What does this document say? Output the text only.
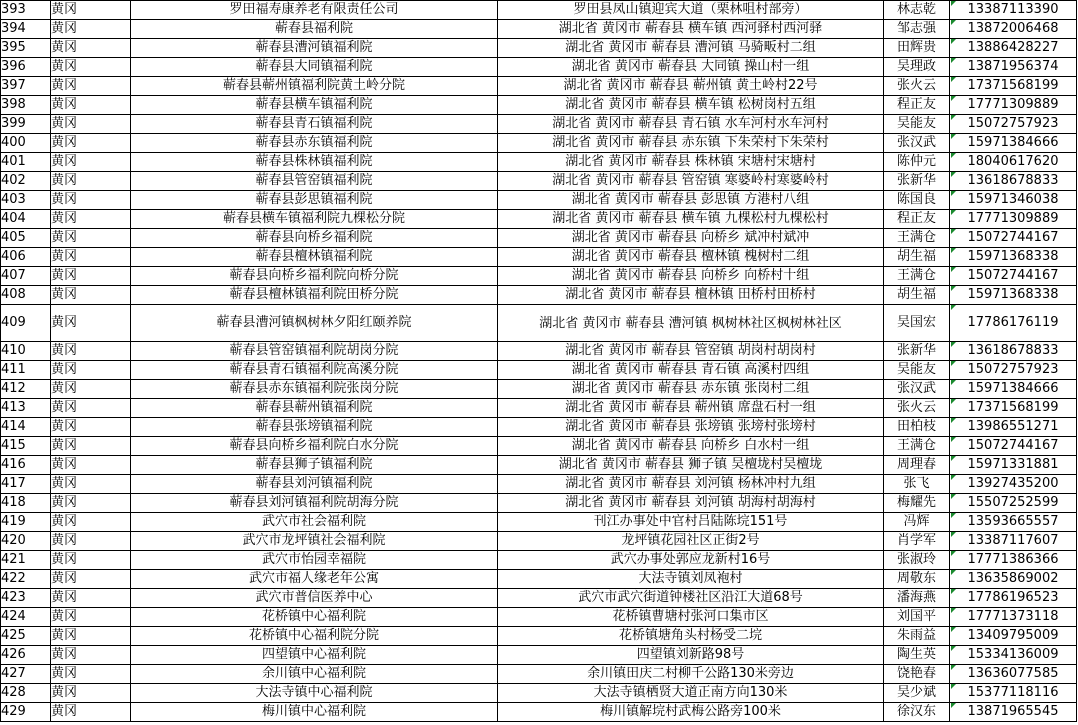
393	黄冈	罗田福寿康养老有限责任公司	罗田县凤山镇迎宾大道（栗林咀村部旁）	林志乾	13387113390
394	黄冈	蕲春县福利院	湖北省 黄冈市 蕲春县 横车镇 西河驿村西河驿	邹志强	13872006468
395	黄冈	蕲春县漕河镇福利院	湖北省 黄冈市 蕲春县 漕河镇 马骑畈村二组	田辉贵	13886428227
396	黄冈	蕲春县大同镇福利院	湖北省 黄冈市 蕲春县 大同镇 操山村一组	吴理政	13871956374
397	黄冈	蕲春县蕲州镇福利院黄土岭分院	湖北省 黄冈市 蕲春县 蕲州镇 黄土岭村22号	张火云	17371568199
398	黄冈	蕲春县横车镇福利院	湖北省 黄冈市 蕲春县 横车镇 松树岗村五组	程正友	17771309889
399	黄冈	蕲春县青石镇福利院	湖北省 黄冈市 蕲春县 青石镇 水车河村水车河村	吴能友	15072757923
400	黄冈	蕲春县赤东镇福利院	湖北省 黄冈市 蕲春县 赤东镇 下朱荣村下朱荣村	张汉武	15971384666
401	黄冈	蕲春县株林镇福利院	湖北省 黄冈市 蕲春县 株林镇 宋塘村宋塘村	陈仲元	18040617620
402	黄冈	蕲春县管窑镇福利院	湖北省 黄冈市 蕲春县 管窑镇 寒婆岭村寒婆岭村	张新华	13618678833
403	黄冈	蕲春县彭思镇福利院	湖北省 黄冈市 蕲春县 彭思镇 方港村八组	陈国良	15971346038
404	黄冈	蕲春县横车镇福利院九棵松分院	湖北省 黄冈市 蕲春县 横车镇 九棵松村九棵松村	程正友	17771309889
405	黄冈	蕲春县向桥乡福利院	湖北省 黄冈市 蕲春县 向桥乡 斌冲村斌冲	王满仓	15072744167
406	黄冈	蕲春县檀林镇福利院	湖北省 黄冈市 蕲春县 檀林镇 槐树村二组	胡生福	15971368338
407	黄冈	蕲春县向桥乡福利院向桥分院	湖北省 黄冈市 蕲春县 向桥乡 向桥村十组	王满仓	15072744167
408	黄冈	蕲春县檀林镇福利院田桥分院	湖北省 黄冈市 蕲春县 檀林镇 田桥村田桥村	胡生福	15971368338
409	黄冈	蕲春县漕河镇枫树林夕阳红颐养院	湖北省 黄冈市 蕲春县 漕河镇 枫树林社区枫树林社区	吴国宏	17786176119
410	黄冈	蕲春县管窑镇福利院胡岗分院	湖北省 黄冈市 蕲春县 管窑镇 胡岗村胡岗村	张新华	13618678833
411	黄冈	蕲春县青石镇福利院高溪分院	湖北省 黄冈市 蕲春县 青石镇 高溪村四组	吴能友	15072757923
412	黄冈	蕲春县赤东镇福利院张岗分院	湖北省 黄冈市 蕲春县 赤东镇 张岗村二组	张汉武	15971384666
413	黄冈	蕲春县蕲州镇福利院	湖北省 黄冈市 蕲春县 蕲州镇 席盘石村一组	张火云	17371568199
414	黄冈	蕲春县张塝镇福利院	湖北省 黄冈市 蕲春县 张塝镇 张塝村张塝村	田柏枝	13986551271
415	黄冈	蕲春县向桥乡福利院白水分院	湖北省 黄冈市 蕲春县 向桥乡 白水村一组	王满仓	15072744167
416	黄冈	蕲春县狮子镇福利院	湖北省 黄冈市 蕲春县 狮子镇 吴檀垅村吴檀垅	周理春	15971331881
417	黄冈	蕲春县刘河镇福利院	湖北省 黄冈市 蕲春县 刘河镇 杨林冲村九组	张飞	13927435200
418	黄冈	蕲春县刘河镇福利院胡海分院	湖北省 黄冈市 蕲春县 刘河镇 胡海村胡海村	梅耀先	15507252599
419	黄冈	武穴市社会福利院	刊江办事处中官村吕陆陈垸151号	冯辉	13593665557
420	黄冈	武穴市龙坪镇社会福利院	龙坪镇花园社区正街2号	肖学军	13387117607
421	黄冈	武穴市怡园幸福院	武穴办事处郭应龙新村16号	张淑玲	17771386366
422	黄冈	武穴市福人缘老年公寓	大法寺镇刘凤袍村	周敬东	13635869002
423	黄冈	武穴市普信医养中心	武穴市武穴街道钟楼社区沿江大道68号	潘海燕	17786196523
424	黄冈	花桥镇中心福利院	花桥镇曹塘村张河口集市区	刘国平	17771373118
425	黄冈	花桥镇中心福利院分院	花桥镇塘角头村杨受二垸	朱雨益	13409795009
426	黄冈	四望镇中心福利院	四望镇刘新路98号	陶生英	15334136009
427	黄冈	余川镇中心福利院	余川镇田庆二村柳千公路130米旁边	饶艳春	13636077585
428	黄冈	大法寺镇中心福利院	大法寺镇栖贤大道正南方向130米	吴少斌	15377118116
429	黄冈	梅川镇中心福利院	梅川镇解垸村武梅公路旁100米	徐汉东	13871965545
